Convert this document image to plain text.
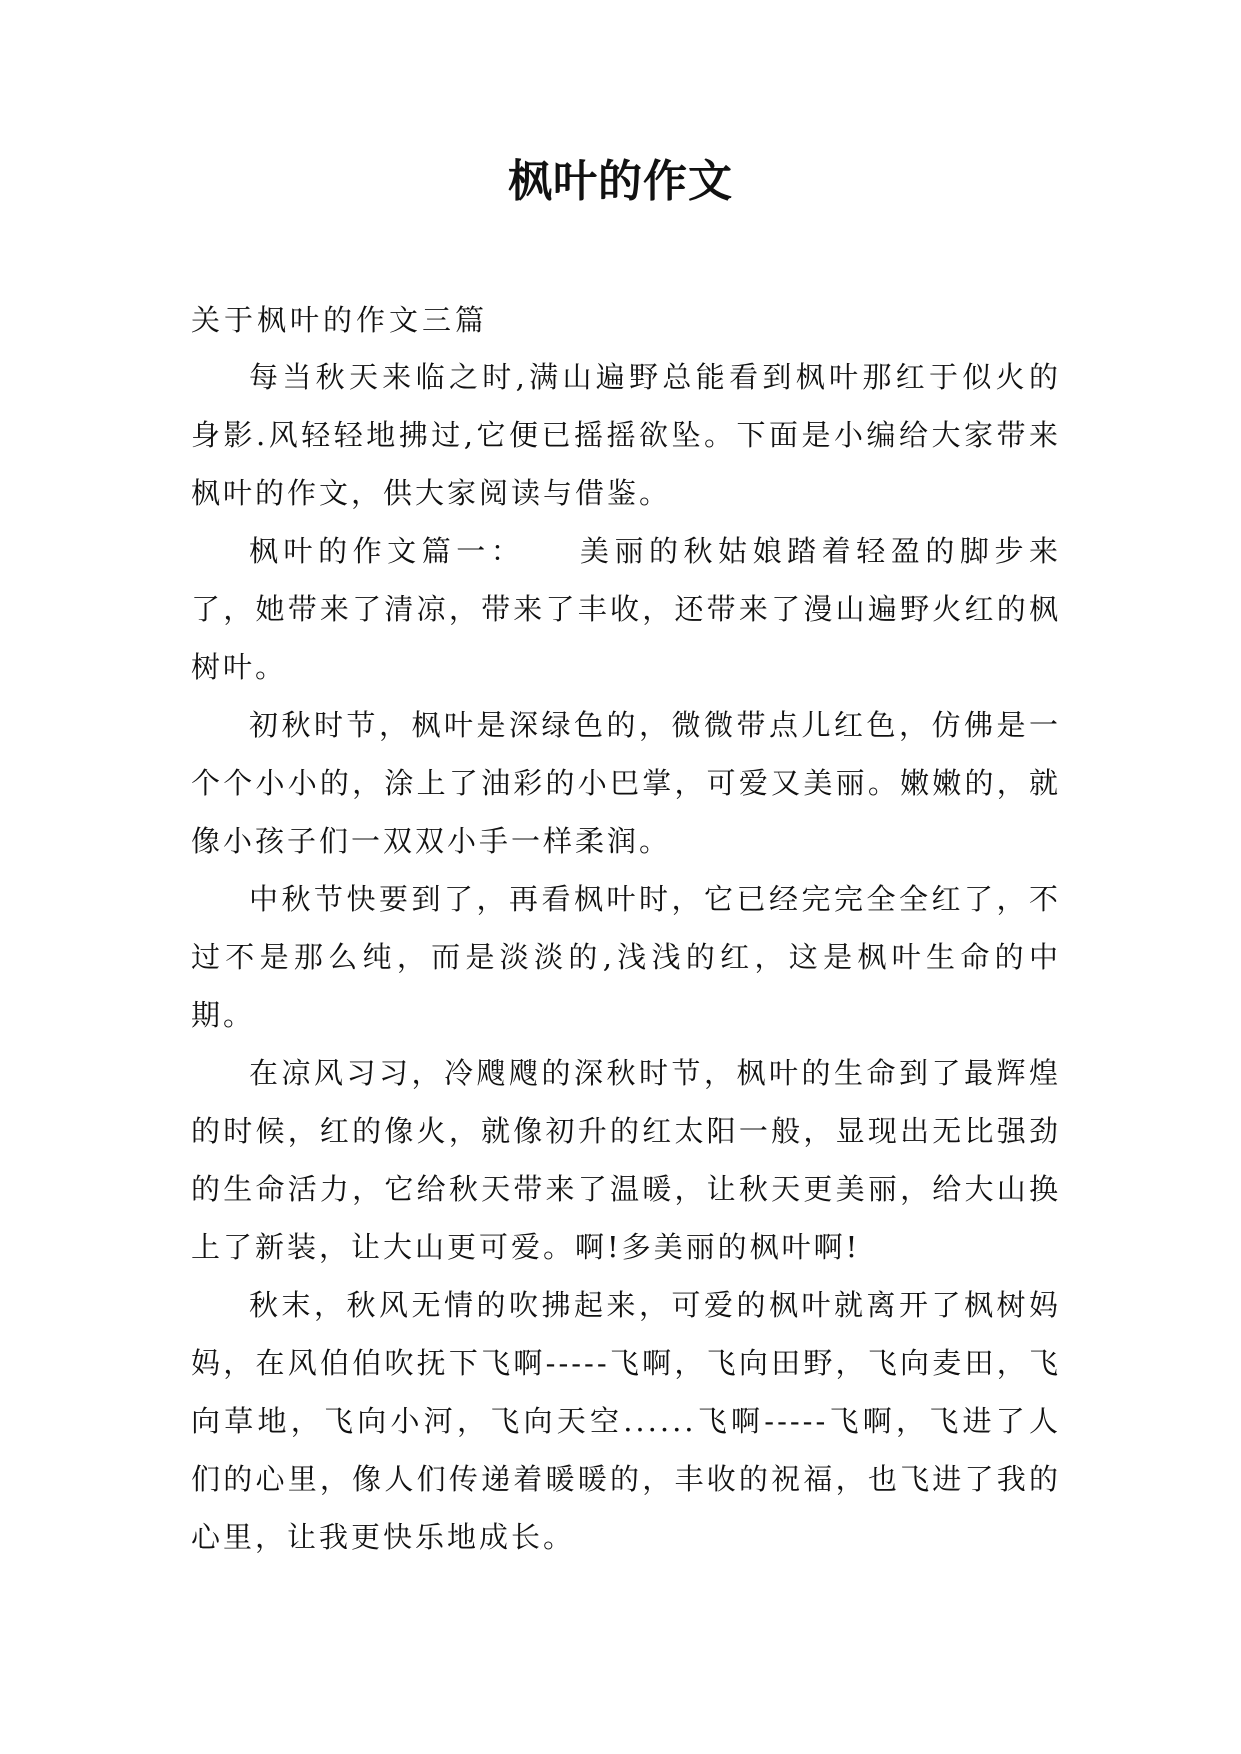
枫叶的作文

关于枫叶的作文三篇

每当秋天来临之时,满山遍野总能看到枫叶那红于似火的身影.风轻轻地拂过,它便已摇摇欲坠。下面是小编给大家带来枫叶的作文，供大家阅读与借鉴。

枫叶的作文篇一：　　美丽的秋姑娘踏着轻盈的脚步来了，她带来了清凉，带来了丰收，还带来了漫山遍野火红的枫树叶。

初秋时节，枫叶是深绿色的，微微带点儿红色，仿佛是一个个小小的，涂上了油彩的小巴掌，可爱又美丽。嫩嫩的，就像小孩子们一双双小手一样柔润。

中秋节快要到了，再看枫叶时，它已经完完全全红了，不过不是那么纯，而是淡淡的,浅浅的红，这是枫叶生命的中期。

在凉风习习，冷飕飕的深秋时节，枫叶的生命到了最辉煌的时候，红的像火，就像初升的红太阳一般，显现出无比强劲的生命活力，它给秋天带来了温暖，让秋天更美丽，给大山换上了新装，让大山更可爱。啊!多美丽的枫叶啊!

秋末，秋风无情的吹拂起来，可爱的枫叶就离开了枫树妈妈，在风伯伯吹抚下飞啊-----飞啊，飞向田野，飞向麦田，飞向草地，飞向小河，飞向天空......飞啊-----飞啊，飞进了人们的心里，像人们传递着暖暖的，丰收的祝福，也飞进了我的心里，让我更快乐地成长。
